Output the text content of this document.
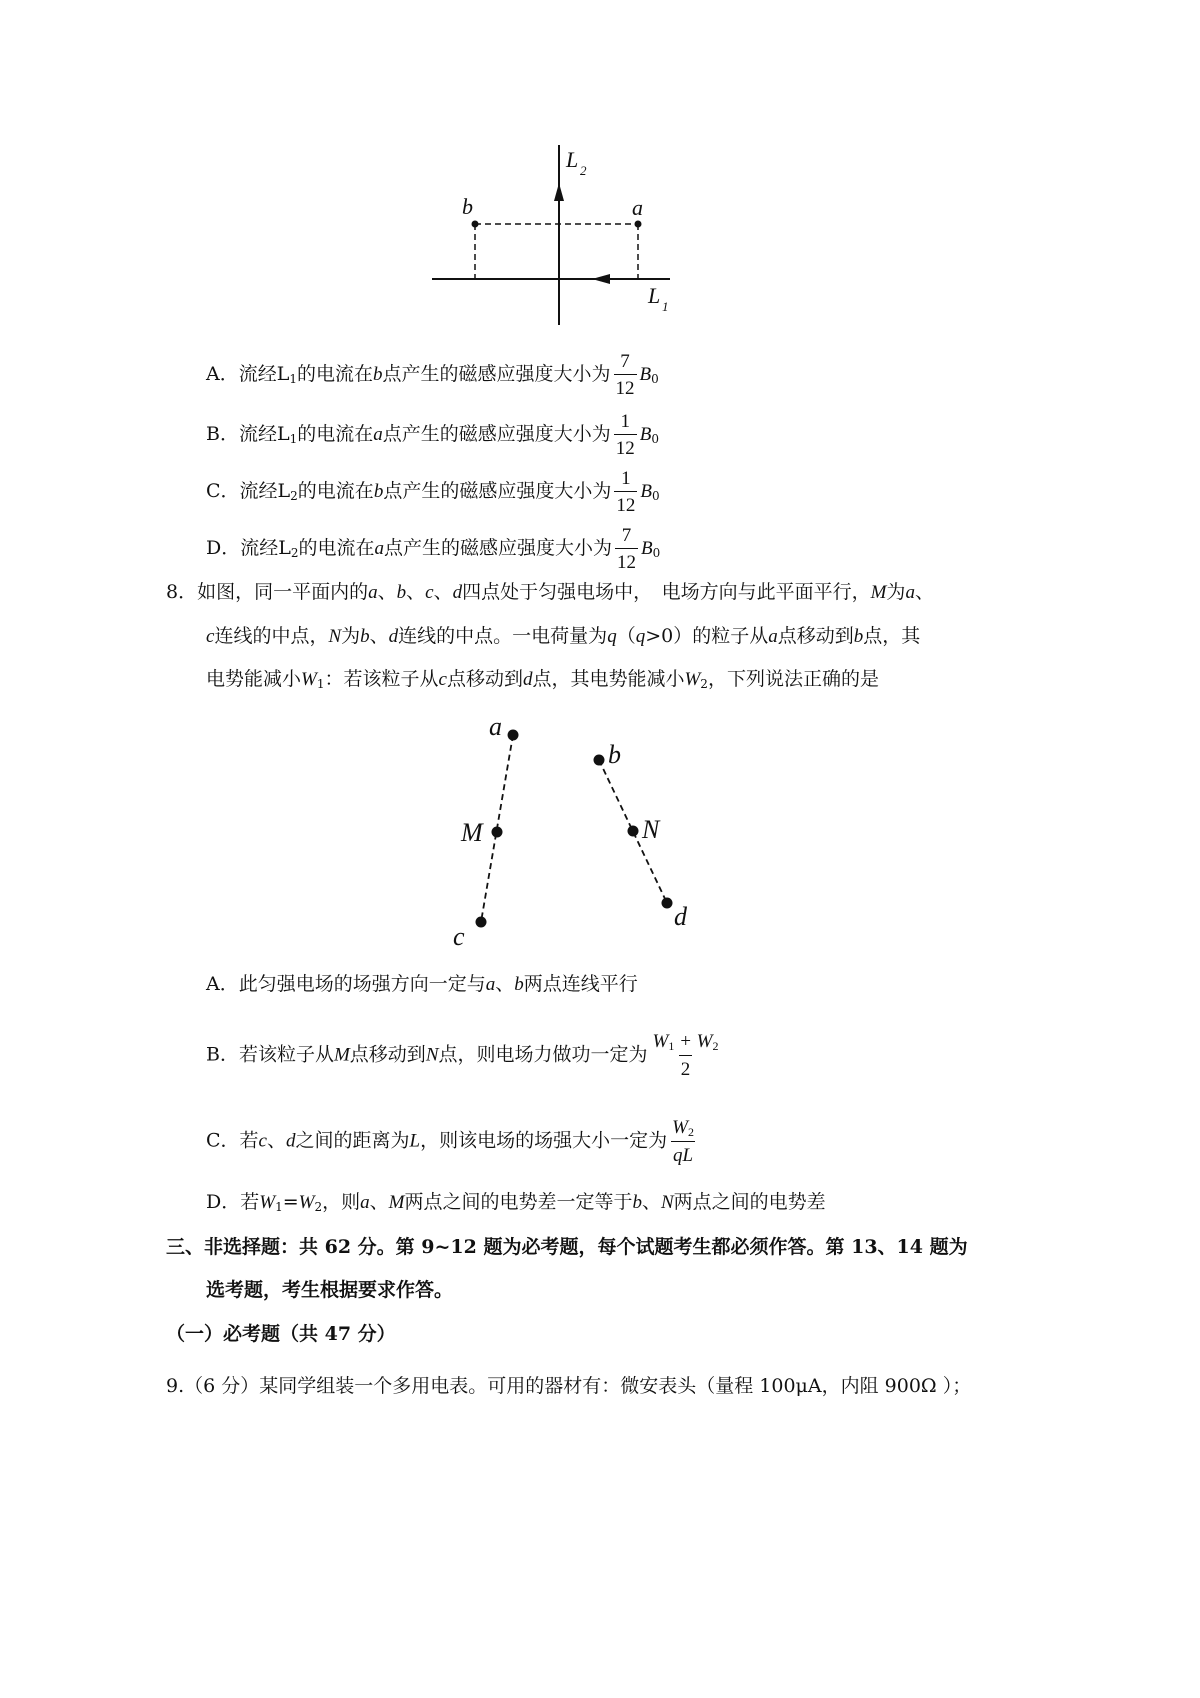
b	a
L 2
L 1
A．流经$L_1$的电流在b点产生的磁感应强度大小为 $\frac{7}{12} B_0$
B．流经$L_1$的电流在a点产生的磁感应强度大小为 $\frac{1}{12} B_0$
C．流经$L_2$的电流在b点产生的磁感应强度大小为 $\frac{1}{12} B_0$
D．流经$L_2$的电流在a点产生的磁感应强度大小为 $\frac{7}{12} B_0$
8．如图，同一平面内的a、b、c、d四点处于匀强电场中，　电场方向与此平面平行，M为a、
c连线的中点，N为b、d连线的中点。一电荷量为q（q>0）的粒子从a点移动到b点，其
电势能减小$W_1$：若该粒子从c点移动到d点，其电势能减小$W_2$，下列说法正确的是
a
M
c
b
N
d
A．此匀强电场的场强方向一定与a、b两点连线平行
B．若该粒子从M点移动到N点，则电场力做功一定为 $\frac{W_1 + W_2}{2}$
C．若c、d之间的距离为L，则该电场的场强大小一定为 $\frac{W_2}{qL}$
D．若$W_1=W_2$，则a、M两点之间的电势差一定等于b、N两点之间的电势差
三、非选择题：共 62 分。第 9~12 题为必考题，每个试题考生都必须作答。第 13、14 题为
选考题，考生根据要求作答。
（一）必考题（共 47 分）
9.（6 分）某同学组装一个多用电表。可用的器材有：微安表头（量程 100μA，内阻 900Ω ）；
